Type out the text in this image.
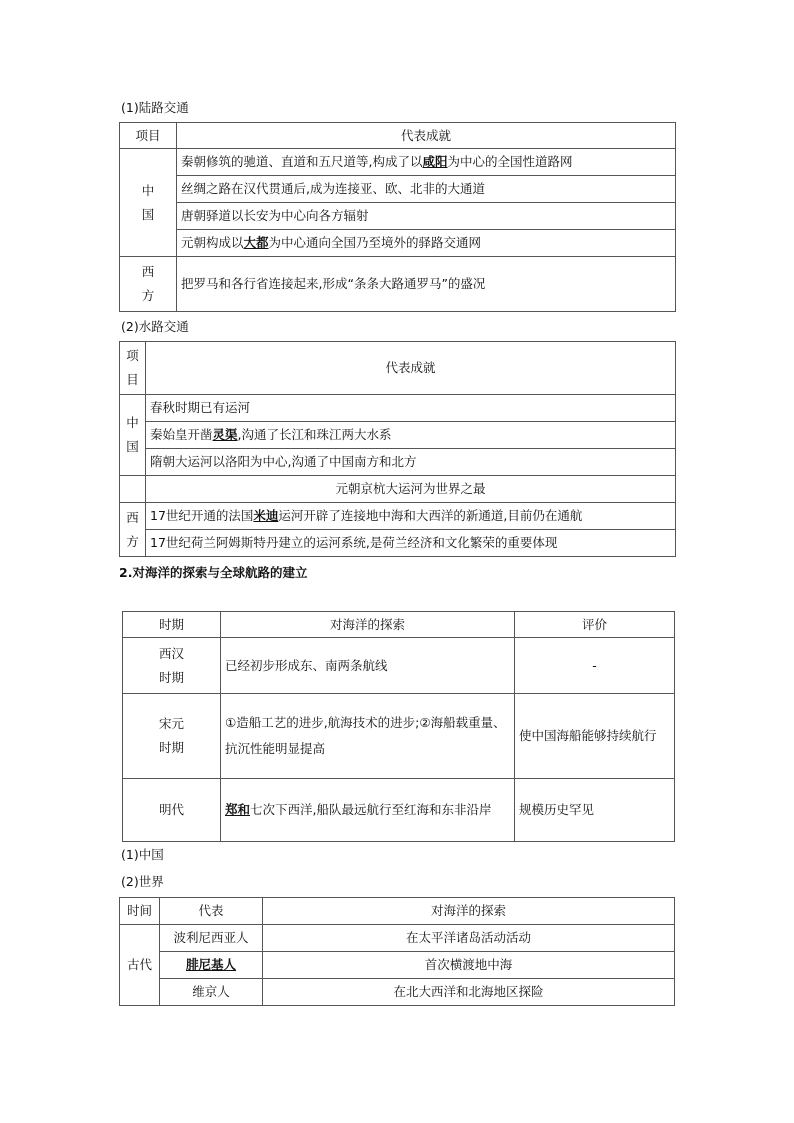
(1)陆路交通
项目	代表成就

中
国	秦朝修筑的驰道、直道和五尺道等,构成了以咸阳为中心的全国性道路网
	丝绸之路在汉代贯通后,成为连接亚、欧、北非的大通道
	唐朝驿道以长安为中心向各方辐射
	元朝构成以大都为中心通向全国乃至境外的驿路交通网

西
方	把罗马和各行省连接起来,形成“条条大路通罗马”的盛况
(2)水路交通
项
目	代表成就

中
国	春秋时期已有运河
	秦始皇开凿灵渠,沟通了长江和珠江两大水系
	隋朝大运河以洛阳为中心,沟通了中国南方和北方
	元朝京杭大运河为世界之最

西
方	17世纪开通的法国米迪运河开辟了连接地中海和大西洋的新通道,目前仍在通航
	17世纪荷兰阿姆斯特丹建立的运河系统,是荷兰经济和文化繁荣的重要体现
2.对海洋的探索与全球航路的建立
时期	对海洋的探索	评价

西汉
时期	已经初步形成东、南两条航线	-

宋元
时期	①造船工艺的进步,航海技术的进步;②海船载重量、抗沉性能明显提高	使中国海船能够持续航行

明代	郑和七次下西洋,船队最远航行至红海和东非沿岸	规模历史罕见
(1)中国
(2)世界
时间	代表	对海洋的探索
古代	波利尼西亚人	在太平洋诸岛活动活动
	腓尼基人	首次横渡地中海
	维京人	在北大西洋和北海地区探险
